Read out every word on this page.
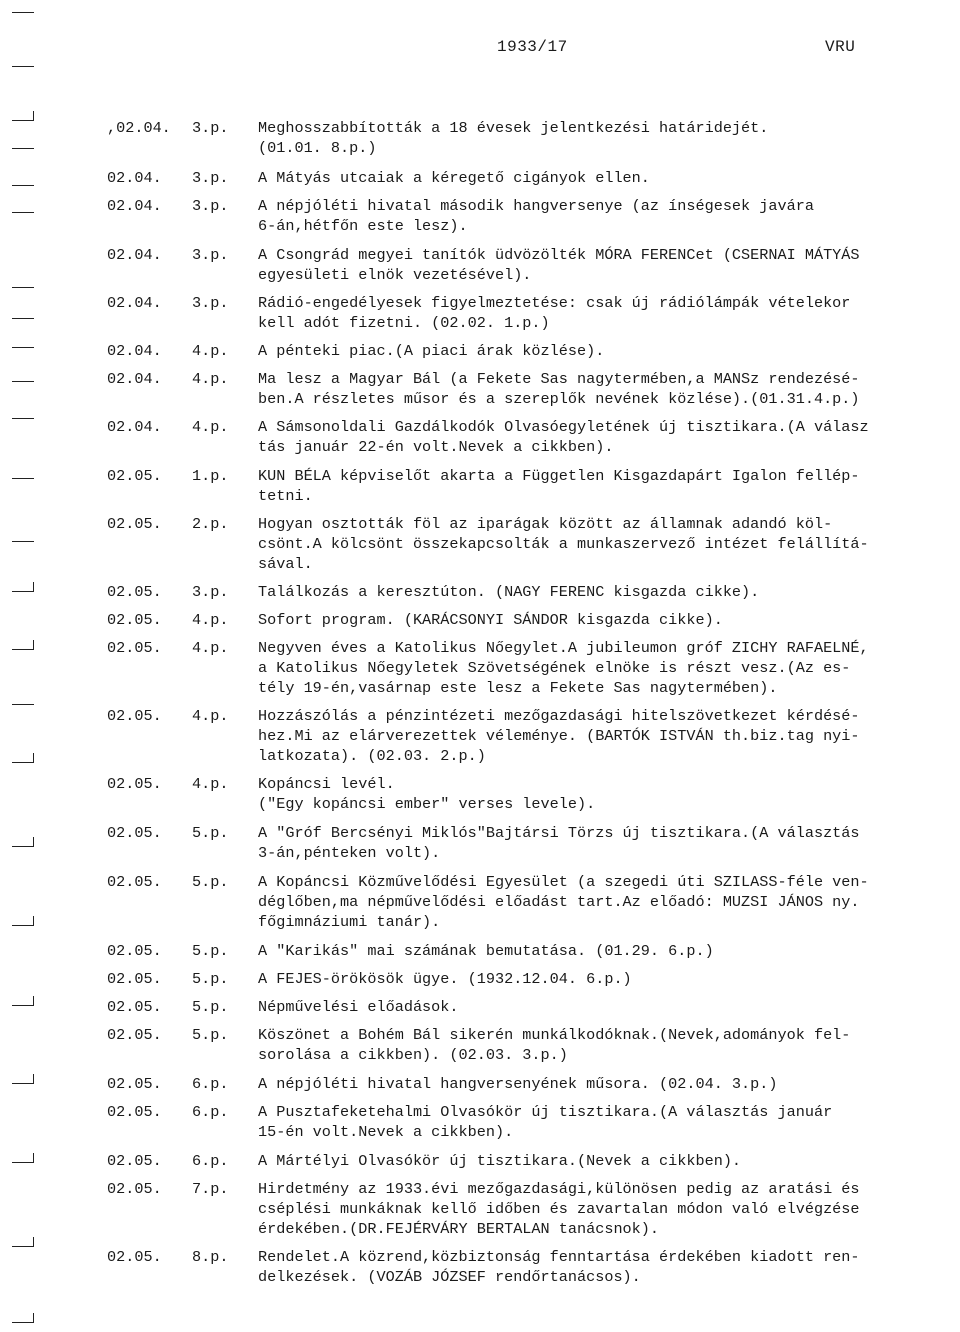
1933/17	VRU
,02.04. 3.p. Meghosszabbították a 18 évesek jelentkezési határidejét.
(01.01. 8.p.)
02.04. 3.p. A Mátyás utcaiak a kéregető cigányok ellen.
02.04. 3.p. A népjóléti hivatal második hangversenye (az ínségesek javára
6-án,hétfőn este lesz).
02.04. 3.p. A Csongrád megyei tanítók üdvözölték MÓRA FERENCet (CSERNAI MÁTYÁS
egyesületi elnök vezetésével).
02.04. 3.p. Rádió-engedélyesek figyelmeztetése: csak új rádiólámpák vételekor
kell adót fizetni. (02.02. 1.p.)
02.04. 4.p. A pénteki piac.(A piaci árak közlése).
02.04. 4.p. Ma lesz a Magyar Bál (a Fekete Sas nagytermében,a MANSz rendezésé-
ben.A részletes műsor és a szereplők nevének közlése).(01.31.4.p.)
02.04. 4.p. A Sámsonoldali Gazdálkodók Olvasóegyletének új tisztikara.(A válasz
tás január 22-én volt.Nevek a cikkben).
02.05. 1.p. KUN BÉLA képviselőt akarta a Független Kisgazdapárt Igalon fellép-
tetni.
02.05. 2.p. Hogyan osztották föl az iparágak között az államnak adandó köl-
csönt.A kölcsönt összekapcsolták a munkaszervező intézet felállítá-
sával.
02.05. 3.p. Találkozás a keresztúton. (NAGY FERENC kisgazda cikke).
02.05. 4.p. Sofort program. (KARÁCSONYI SÁNDOR kisgazda cikke).
02.05. 4.p. Negyven éves a Katolikus Nőegylet.A jubileumon gróf ZICHY RAFAELNÉ,
a Katolikus Nőegyletek Szövetségének elnöke is részt vesz.(Az es-
tély 19-én,vasárnap este lesz a Fekete Sas nagytermében).
02.05. 4.p. Hozzászólás a pénzintézeti mezőgazdasági hitelszövetkezet kérdésé-
hez.Mi az elárverezettek véleménye. (BARTÓK ISTVÁN th.biz.tag nyi-
latkozata). (02.03. 2.p.)
02.05. 4.p. Kopáncsi levél.
("Egy kopáncsi ember" verses levele).
02.05. 5.p. A "Gróf Bercsényi Miklós"Bajtársi Törzs új tisztikara.(A választás
3-án,pénteken volt).
02.05. 5.p. A Kopáncsi Közművelődési Egyesület (a szegedi úti SZILASS-féle ven-
déglőben,ma népművelődési előadást tart.Az előadó: MUZSI JÁNOS ny.
főgimnáziumi tanár).
02.05. 5.p. A "Karikás" mai számának bemutatása. (01.29. 6.p.)
02.05. 5.p. A FEJES-örökösök ügye. (1932.12.04. 6.p.)
02.05. 5.p. Népművelési előadások.
02.05. 5.p. Köszönet a Bohém Bál sikerén munkálkodóknak.(Nevek,adományok fel-
sorolása a cikkben). (02.03. 3.p.)
02.05. 6.p. A népjóléti hivatal hangversenyének műsora. (02.04. 3.p.)
02.05. 6.p. A Pusztafeketehalmi Olvasókör új tisztikara.(A választás január
15-én volt.Nevek a cikkben).
02.05. 6.p. A Mártélyi Olvasókör új tisztikara.(Nevek a cikkben).
02.05. 7.p. Hirdetmény az 1933.évi mezőgazdasági,különösen pedig az aratási és
cséplési munkáknak kellő időben és zavartalan módon való elvégzése
érdekében.(DR.FEJÉRVÁRY BERTALAN tanácsnok).
02.05. 8.p. Rendelet.A közrend,közbiztonság fenntartása érdekében kiadott ren-
delkezések. (VOZÁB JÓZSEF rendőrtanácsos).
